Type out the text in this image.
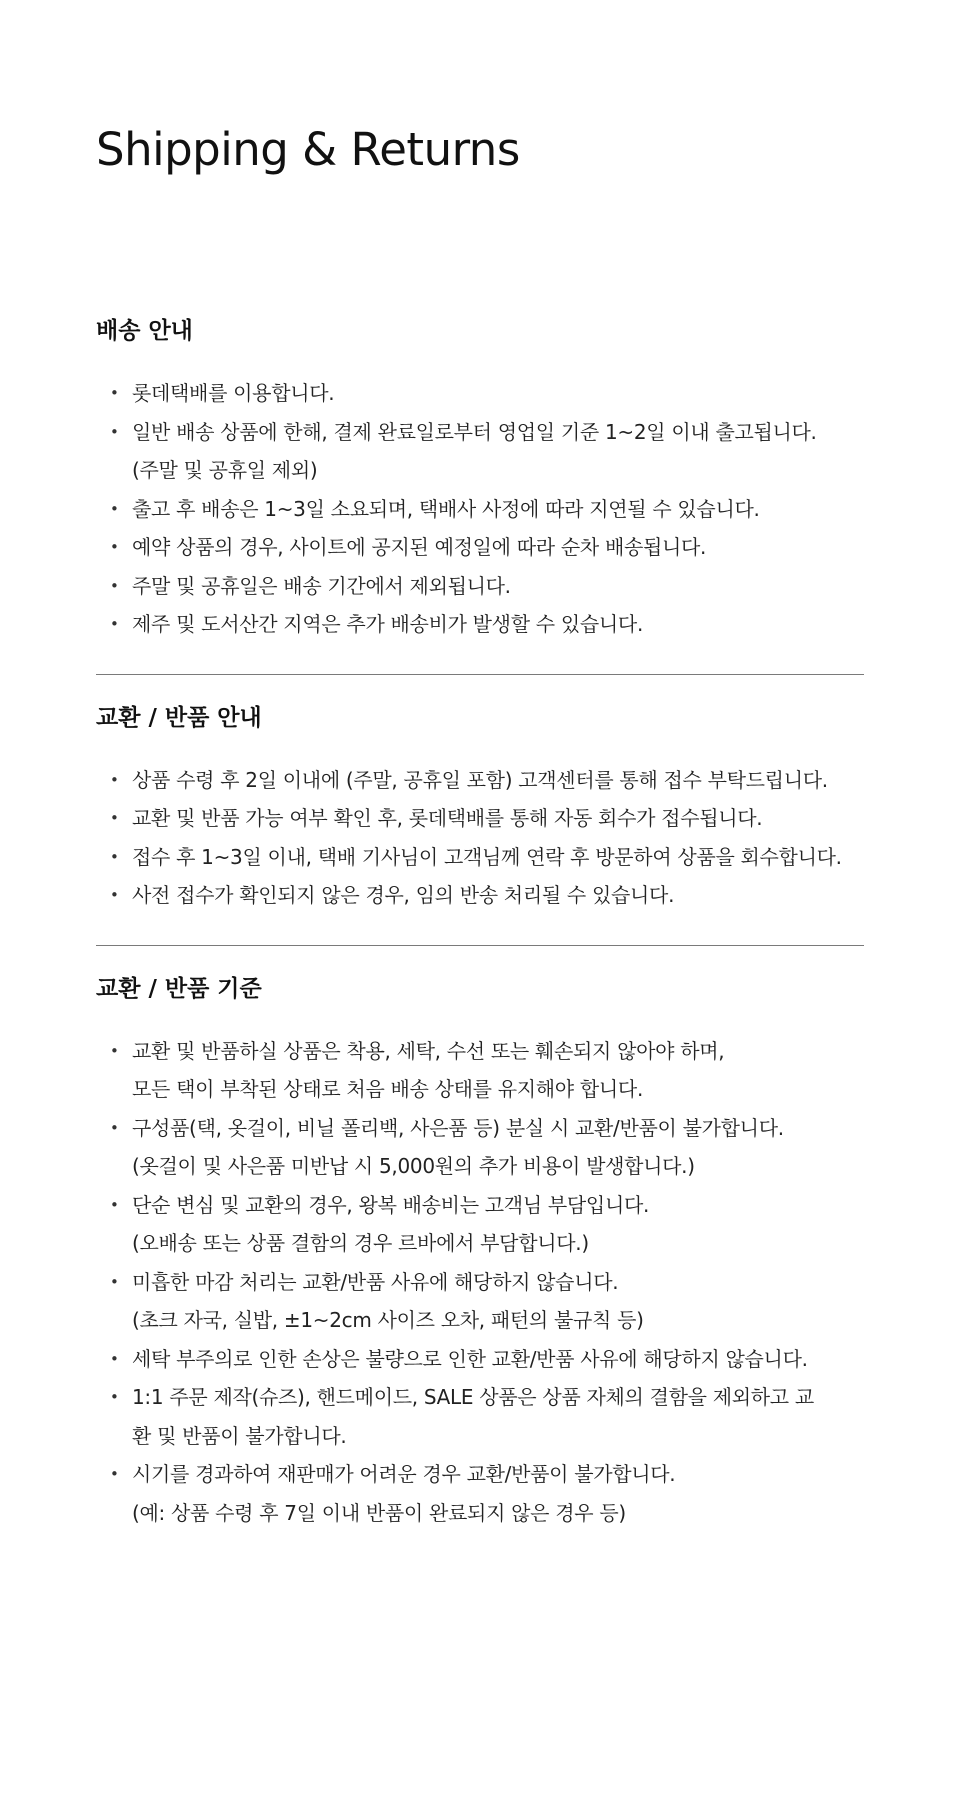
Shipping & Returns
배송 안내
• 롯데택배를 이용합니다.
• 일반 배송 상품에 한해, 결제 완료일로부터 영업일 기준 1~2일 이내 출고됩니다.
(주말 및 공휴일 제외)
• 출고 후 배송은 1~3일 소요되며, 택배사 사정에 따라 지연될 수 있습니다.
• 예약 상품의 경우, 사이트에 공지된 예정일에 따라 순차 배송됩니다.
• 주말 및 공휴일은 배송 기간에서 제외됩니다.
• 제주 및 도서산간 지역은 추가 배송비가 발생할 수 있습니다.
교환 / 반품 안내
• 상품 수령 후 2일 이내에 (주말, 공휴일 포함) 고객센터를 통해 접수 부탁드립니다.
• 교환 및 반품 가능 여부 확인 후, 롯데택배를 통해 자동 회수가 접수됩니다.
• 접수 후 1~3일 이내, 택배 기사님이 고객님께 연락 후 방문하여 상품을 회수합니다.
• 사전 접수가 확인되지 않은 경우, 임의 반송 처리될 수 있습니다.
교환 / 반품 기준
• 교환 및 반품하실 상품은 착용, 세탁, 수선 또는 훼손되지 않아야 하며,
모든 택이 부착된 상태로 처음 배송 상태를 유지해야 합니다.
• 구성품(택, 옷걸이, 비닐 폴리백, 사은품 등) 분실 시 교환/반품이 불가합니다.
(옷걸이 및 사은품 미반납 시 5,000원의 추가 비용이 발생합니다.)
• 단순 변심 및 교환의 경우, 왕복 배송비는 고객님 부담입니다.
(오배송 또는 상품 결함의 경우 르바에서 부담합니다.)
• 미흡한 마감 처리는 교환/반품 사유에 해당하지 않습니다.
(초크 자국, 실밥, ±1~2cm 사이즈 오차, 패턴의 불규칙 등)
• 세탁 부주의로 인한 손상은 불량으로 인한 교환/반품 사유에 해당하지 않습니다.
• 1:1 주문 제작(슈즈), 핸드메이드, SALE 상품은 상품 자체의 결함을 제외하고 교
환 및 반품이 불가합니다.
• 시기를 경과하여 재판매가 어려운 경우 교환/반품이 불가합니다.
(예: 상품 수령 후 7일 이내 반품이 완료되지 않은 경우 등)
